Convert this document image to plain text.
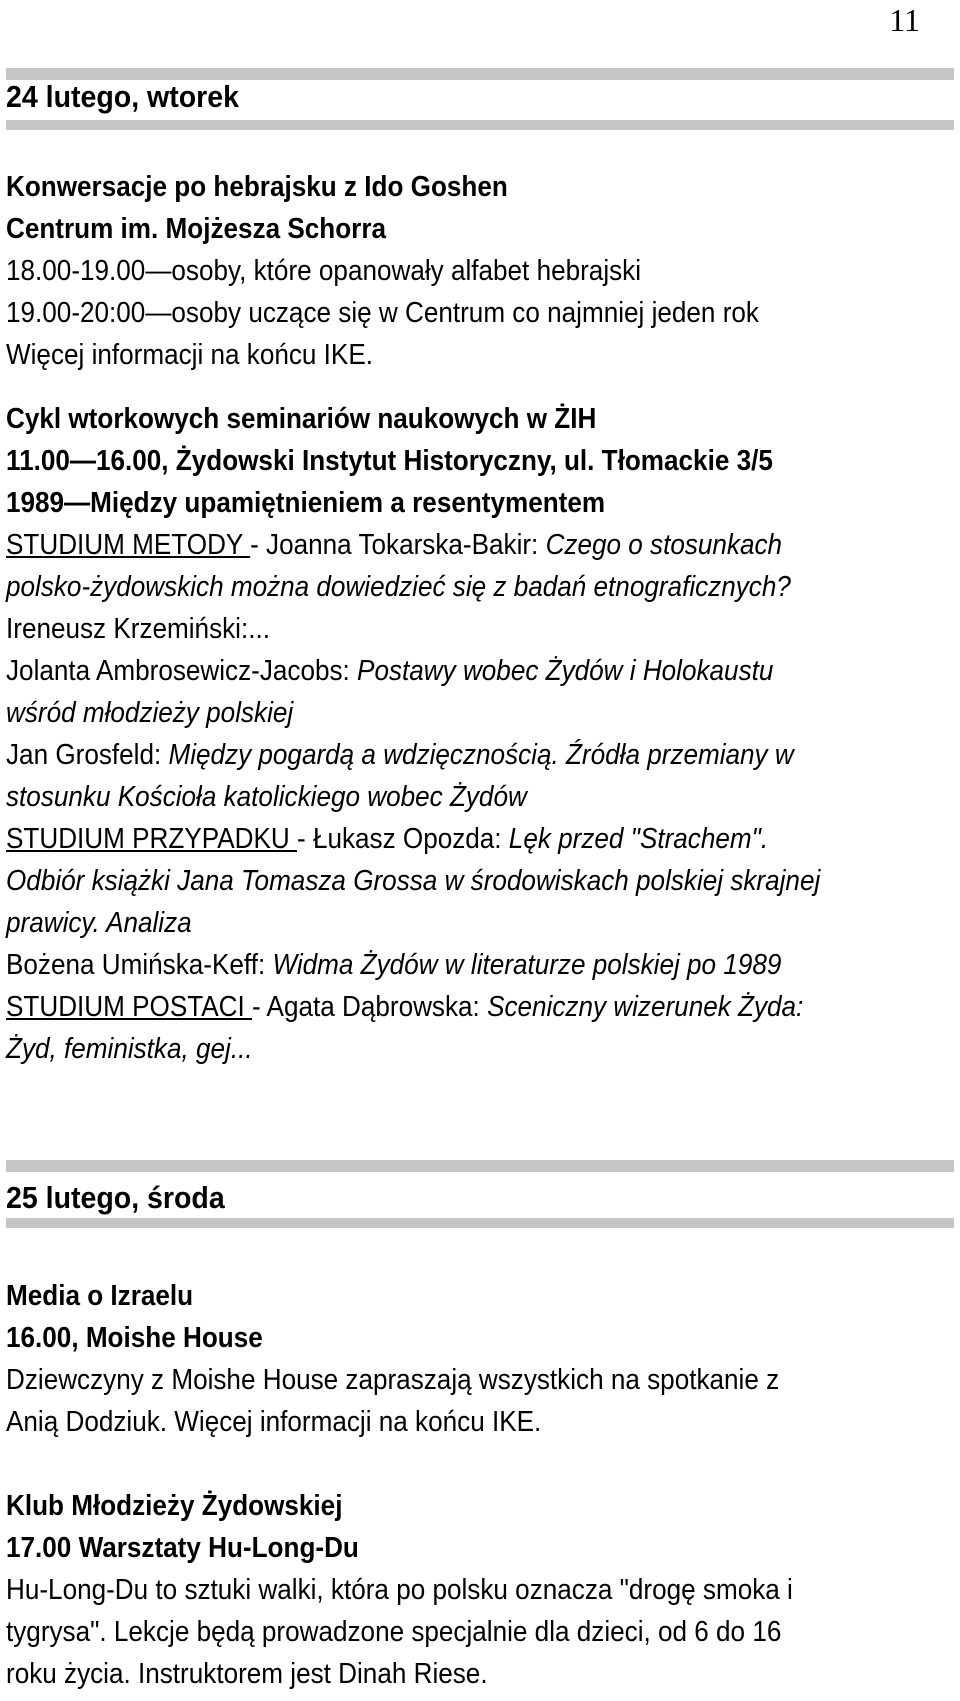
11
24 lutego, wtorek
Konwersacje po hebrajsku z Ido Goshen
Centrum im. Mojżesza Schorra
18.00-19.00—osoby, które opanowały alfabet hebrajski
19.00-20:00—osoby uczące się w Centrum co najmniej jeden rok
Więcej informacji na końcu IKE.
Cykl wtorkowych seminariów naukowych w ŻIH
11.00—16.00, Żydowski Instytut Historyczny, ul. Tłomackie 3/5
1989—Między upamiętnieniem a resentymentem
STUDIUM METODY - Joanna Tokarska-Bakir: Czego o stosunkach
polsko-żydowskich można dowiedzieć się z badań etnograficznych?
Ireneusz Krzemiński:...
Jolanta Ambrosewicz-Jacobs: Postawy wobec Żydów i Holokaustu
wśród młodzieży polskiej
Jan Grosfeld: Między pogardą a wdzięcznością. Źródła przemiany w
stosunku Kościoła katolickiego wobec Żydów
STUDIUM PRZYPADKU - Łukasz Opozda: Lęk przed "Strachem".
Odbiór książki Jana Tomasza Grossa w środowiskach polskiej skrajnej
prawicy. Analiza
Bożena Umińska-Keff: Widma Żydów w literaturze polskiej po 1989
STUDIUM POSTACI - Agata Dąbrowska: Sceniczny wizerunek Żyda:
Żyd, feministka, gej...
25 lutego, środa
Media o Izraelu
16.00, Moishe House
Dziewczyny z Moishe House zapraszają wszystkich na spotkanie z
Anią Dodziuk. Więcej informacji na końcu IKE.
Klub Młodzieży Żydowskiej
17.00 Warsztaty Hu-Long-Du
Hu-Long-Du to sztuki walki, która po polsku oznacza "drogę smoka i
tygrysa". Lekcje będą prowadzone specjalnie dla dzieci, od 6 do 16
roku życia. Instruktorem jest Dinah Riese.
